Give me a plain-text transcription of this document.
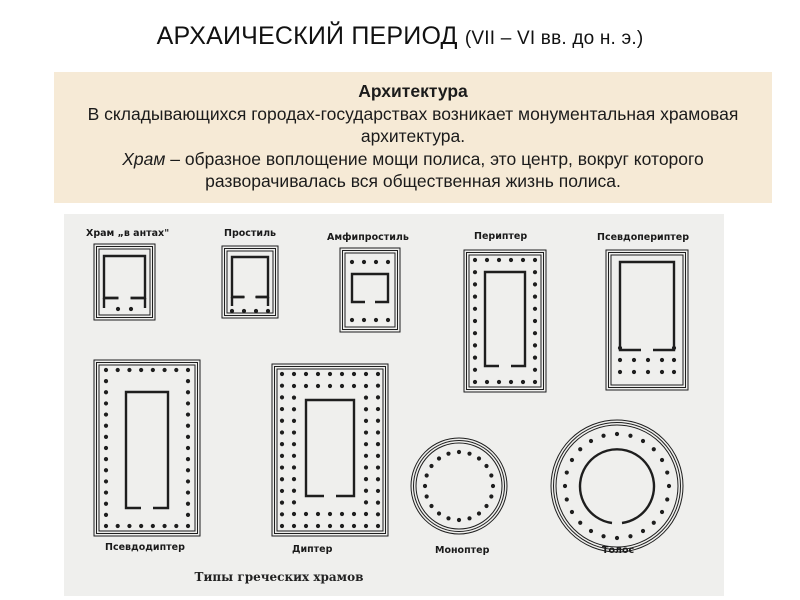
АРХАИЧЕСКИЙ ПЕРИОД (VII – VI вв. до н. э.)
Архитектура
В складывающихся городах-государствах возникает монументальная храмовая архитектура.
Храм – образное воплощение мощи полиса, это центр, вокруг которого разворачивалась вся общественная жизнь полиса.
Храм „в антах"	Простиль	Амфипростиль	Периптер	Псевдопериптер
Псевдодиптер	Диптер	Моноптер	Толос
Типы греческих храмов
